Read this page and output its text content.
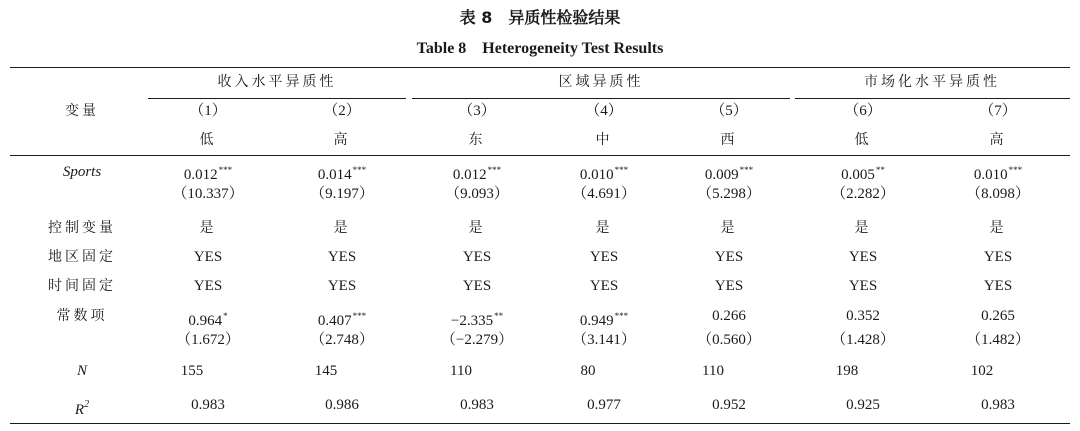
表 8　异质性检验结果
Table 8　Heterogeneity Test Results
变量
收入水平异质性	区域异质性	市场化水平异质性
（1）	（2）	（3）	（4）	（5）	（6）	（7）
低	高	东	中	西	低	高
Sports	0.012***	0.014***	0.012***	0.010***	0.009***	0.005**	0.010***
（10.337）	（9.197）	（9.093）	（4.691）	（5.298）	（2.282）	（8.098）
控制变量	是	是	是	是	是	是	是
地区固定	YES	YES	YES	YES	YES	YES	YES
时间固定	YES	YES	YES	YES	YES	YES	YES
常数项	0.964*	0.407***	−2.335**	0.949***	0.266	0.352	0.265
（1.672）	（2.748）	（−2.279）	（3.141）	（0.560）	（1.428）	（1.482）
N	155	145	110	80	110	198	102
$R^2$	0.983	0.986	0.983	0.977	0.952	0.925	0.983
